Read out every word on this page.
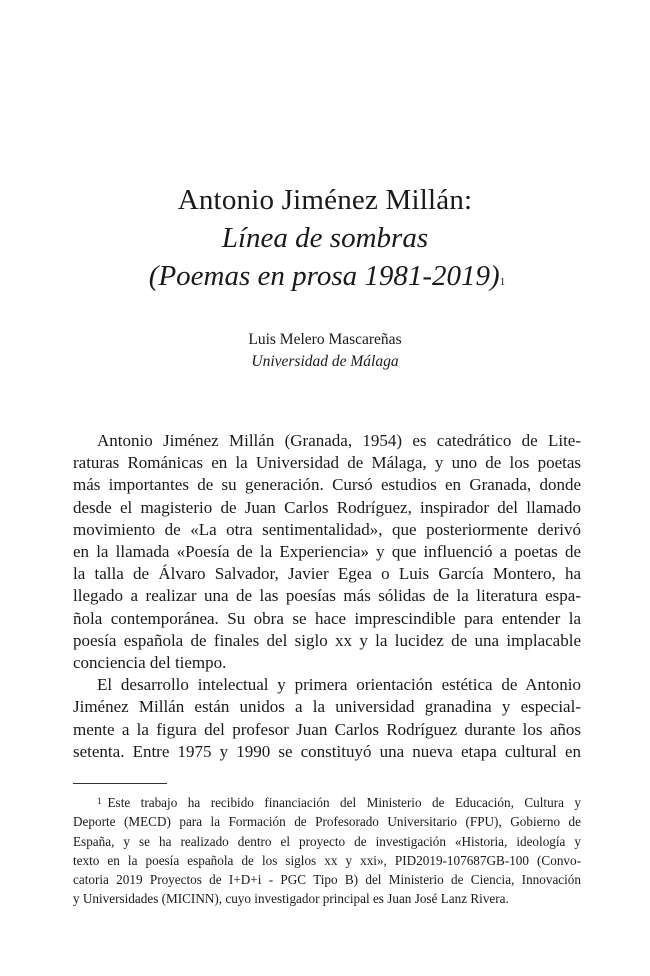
Antonio Jiménez Millán:

Línea de sombras

(Poemas en prosa 1981-2019)$^1$

Luis Melero Mascareñas
Universidad de Málaga
Antonio Jiménez Millán (Granada, 1954) es catedrático de Lite-
raturas Románicas en la Universidad de Málaga, y uno de los poetas
más importantes de su generación. Cursó estudios en Granada, donde
desde el magisterio de Juan Carlos Rodríguez, inspirador del llamado
movimiento de «La otra sentimentalidad», que posteriormente derivó
en la llamada «Poesía de la Experiencia» y que influenció a poetas de
la talla de Álvaro Salvador, Javier Egea o Luis García Montero, ha
llegado a realizar una de las poesías más sólidas de la literatura espa-
ñola contemporánea. Su obra se hace imprescindible para entender la
poesía española de finales del siglo xx y la lucidez de una implacable
conciencia del tiempo.
El desarrollo intelectual y primera orientación estética de Antonio
Jiménez Millán están unidos a la universidad granadina y especial-
mente a la figura del profesor Juan Carlos Rodríguez durante los años
setenta. Entre 1975 y 1990 se constituyó una nueva etapa cultural en
$^1$ Este trabajo ha recibido financiación del Ministerio de Educación, Cultura y
Deporte (MECD) para la Formación de Profesorado Universitario (FPU), Gobierno de
España, y se ha realizado dentro el proyecto de investigación «Historia, ideología y
texto en la poesía española de los siglos xx y xxi», PID2019-107687GB-100 (Convo-
catoria 2019 Proyectos de I+D+i - PGC Tipo B) del Ministerio de Ciencia, Innovación
y Universidades (MICINN), cuyo investigador principal es Juan José Lanz Rivera.
